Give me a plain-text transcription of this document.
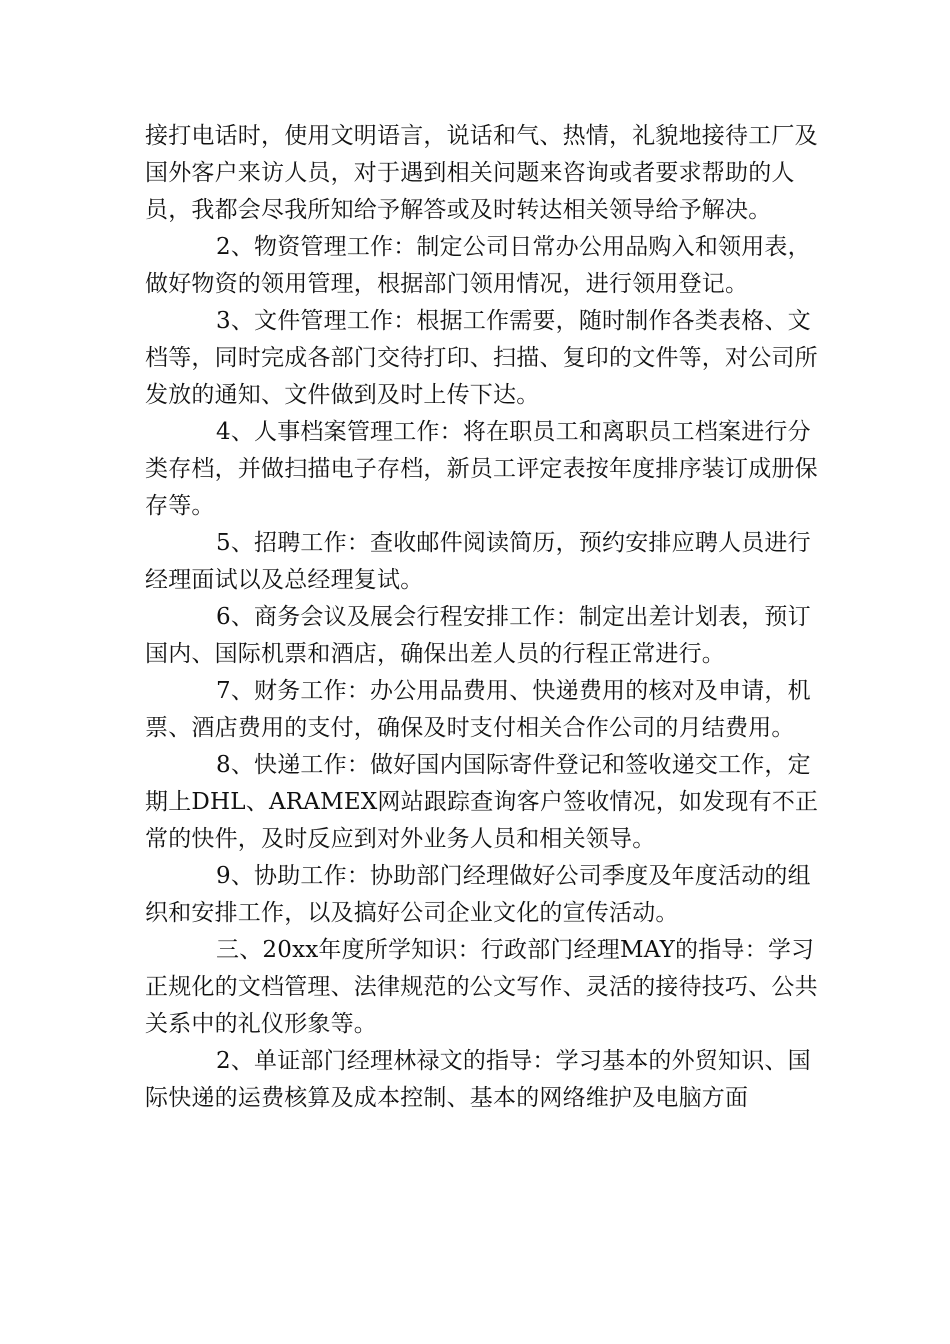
接打电话时，使用文明语言，说话和气、热情，礼貌地接待工厂及国外客户来访人员，对于遇到相关问题来咨询或者要求帮助的人员，我都会尽我所知给予解答或及时转达相关领导给予解决。

2、物资管理工作：制定公司日常办公用品购入和领用表，做好物资的领用管理，根据部门领用情况，进行领用登记。

3、文件管理工作：根据工作需要，随时制作各类表格、文档等，同时完成各部门交待打印、扫描、复印的文件等，对公司所发放的通知、文件做到及时上传下达。

4、人事档案管理工作：将在职员工和离职员工档案进行分类存档，并做扫描电子存档，新员工评定表按年度排序装订成册保存等。

5、招聘工作：查收邮件阅读简历，预约安排应聘人员进行经理面试以及总经理复试。

6、商务会议及展会行程安排工作：制定出差计划表，预订国内、国际机票和酒店，确保出差人员的行程正常进行。

7、财务工作：办公用品费用、快递费用的核对及申请，机票、酒店费用的支付，确保及时支付相关合作公司的月结费用。

8、快递工作：做好国内国际寄件登记和签收递交工作，定期上DHL、ARAMEX网站跟踪查询客户签收情况，如发现有不正常的快件，及时反应到对外业务人员和相关领导。

9、协助工作：协助部门经理做好公司季度及年度活动的组织和安排工作，以及搞好公司企业文化的宣传活动。

三、20xx年度所学知识：行政部门经理MAY的指导：学习正规化的文档管理、法律规范的公文写作、灵活的接待技巧、公共关系中的礼仪形象等。

2、单证部门经理林禄文的指导：学习基本的外贸知识、国际快递的运费核算及成本控制、基本的网络维护及电脑方面
